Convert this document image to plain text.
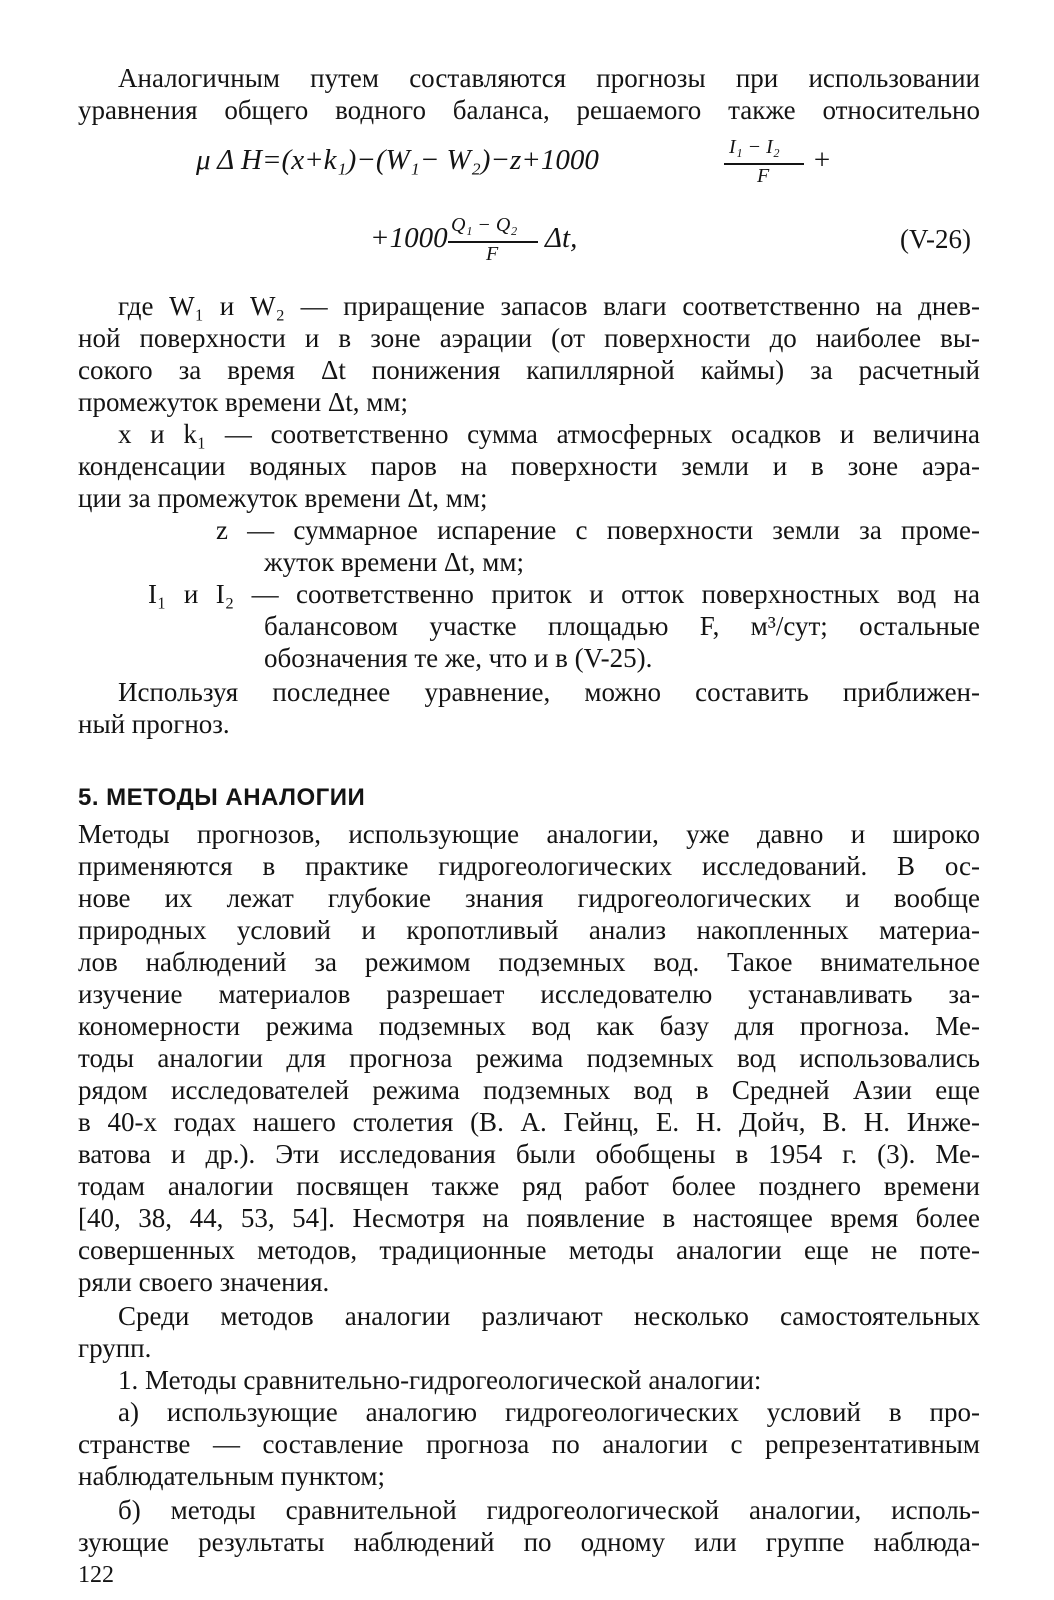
Аналогичным путем составляются прогнозы при использовании
уравнения общего водного баланса, решаемого также относительно
μ Δ H=(x+k₁)−(W₁− W₂)−z+1000	I₁ − I₂
F +
+1000 Q₁ − Q₂
F Δt,	(V-26)
где W₁ и W₂ — приращение запасов влаги соответственно на днев-
ной поверхности и в зоне аэрации (от поверхности до наиболее вы-
сокого за время Δt понижения капиллярной каймы) за расчетный
промежуток времени Δt, мм;
x и k₁ — соответственно сумма атмосферных осадков и величина
конденсации водяных паров на поверхности земли и в зоне аэра-
ции за промежуток времени Δt, мм;
z — суммарное испарение с поверхности земли за проме-
жуток времени Δt, мм;
I₁ и I₂ — соответственно приток и отток поверхностных вод на
балансовом участке площадью F, м³/сут; остальные
обозначения те же, что и в (V-25).
Используя последнее уравнение, можно составить приближен-
ный прогноз.
5. МЕТОДЫ АНАЛОГИИ
Методы прогнозов, использующие аналогии, уже давно и широко
применяются в практике гидрогеологических исследований. В ос-
нове их лежат глубокие знания гидрогеологических и вообще
природных условий и кропотливый анализ накопленных материа-
лов наблюдений за режимом подземных вод. Такое внимательное
изучение материалов разрешает исследователю устанавливать за-
кономерности режима подземных вод как базу для прогноза. Ме-
тоды аналогии для прогноза режима подземных вод использовались
рядом исследователей режима подземных вод в Средней Азии еще
в 40-х годах нашего столетия (В. А. Гейнц, Е. Н. Дойч, В. Н. Инже-
ватова и др.). Эти исследования были обобщены в 1954 г. (3). Ме-
тодам аналогии посвящен также ряд работ более позднего времени
[40, 38, 44, 53, 54]. Несмотря на появление в настоящее время более
совершенных методов, традиционные методы аналогии еще не поте-
ряли своего значения.
Среди методов аналогии различают несколько самостоятельных
групп.
1. Методы сравнительно-гидрогеологической аналогии:
а) использующие аналогию гидрогеологических условий в про-
странстве — составление прогноза по аналогии с репрезентативным
наблюдательным пунктом;
б) методы сравнительной гидрогеологической аналогии, исполь-
зующие результаты наблюдений по одному или группе наблюда-
122
